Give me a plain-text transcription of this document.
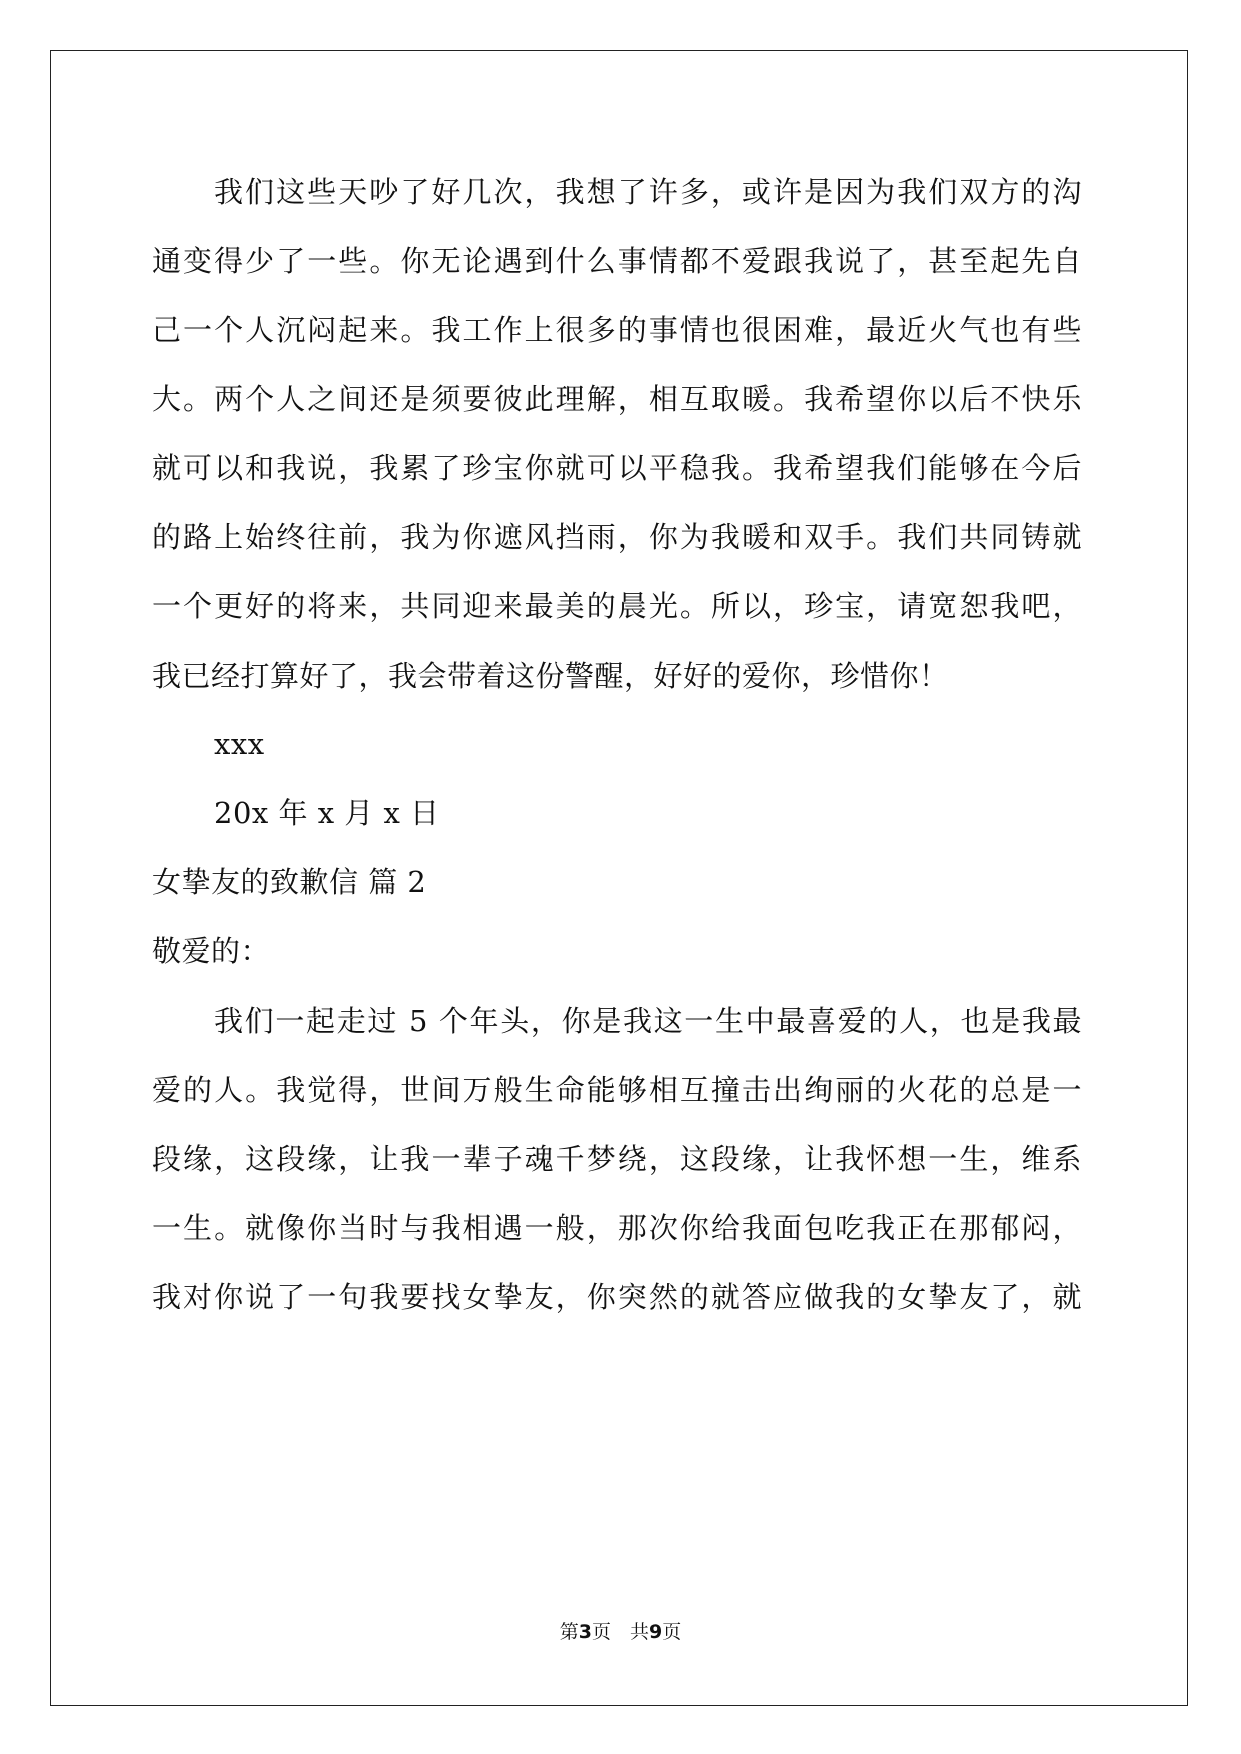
我们这些天吵了好几次，我想了许多，或许是因为我们双方的沟
通变得少了一些。你无论遇到什么事情都不爱跟我说了，甚至起先自
己一个人沉闷起来。我工作上很多的事情也很困难，最近火气也有些
大。两个人之间还是须要彼此理解，相互取暖。我希望你以后不快乐
就可以和我说，我累了珍宝你就可以平稳我。我希望我们能够在今后
的路上始终往前，我为你遮风挡雨，你为我暖和双手。我们共同铸就
一个更好的将来，共同迎来最美的晨光。所以，珍宝，请宽恕我吧，
我已经打算好了，我会带着这份警醒，好好的爱你，珍惜你！
xxx
20x 年 x 月 x 日
女挚友的致歉信 篇 2
敬爱的：
我们一起走过 5 个年头，你是我这一生中最喜爱的人，也是我最
爱的人。我觉得，世间万般生命能够相互撞击出绚丽的火花的总是一
段缘，这段缘，让我一辈子魂千梦绕，这段缘，让我怀想一生，维系
一生。就像你当时与我相遇一般，那次你给我面包吃我正在那郁闷，
我对你说了一句我要找女挚友，你突然的就答应做我的女挚友了，就
第3页　共9页
